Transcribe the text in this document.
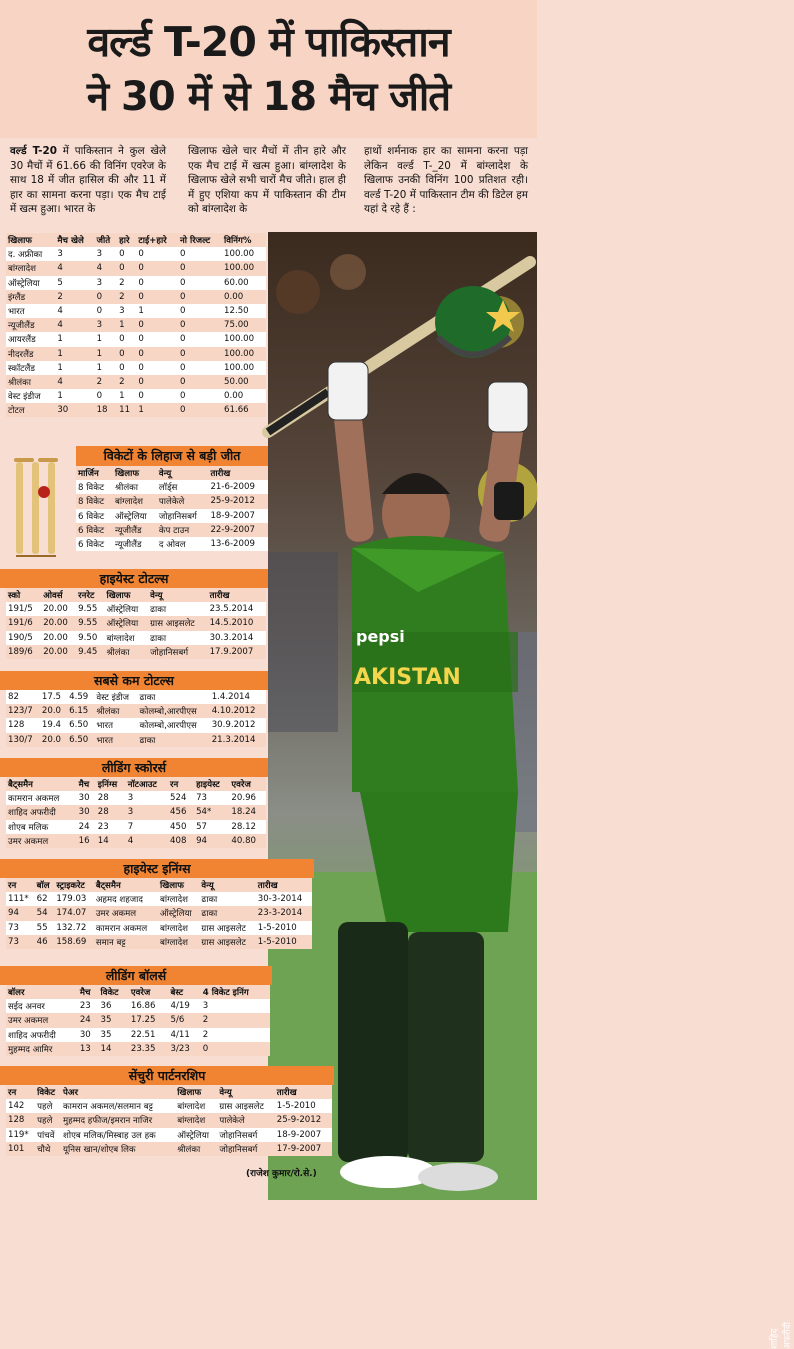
वर्ल्ड T-20 में पाकिस्तान
ने 30 में से 18 मैच जीते
वर्ल्ड T-20 में पाकिस्तान ने कुल खेले 30 मैचों में 61.66 की विनिंग एवरेज के साथ 18 में जीत हासिल की और 11 में हार का सामना करना पड़ा। एक मैच टाई में खत्म हुआ। भारत के
खिलाफ खेले चार मैचों में तीन हारे और एक मैच टाई में खत्म हुआ। बांग्लादेश के खिलाफ खेले सभी चारों मैच जीते। हाल ही में हुए एशिया कप में पाकिस्तान की टीम को बांग्लादेश के
हाथों शर्मनाक हार का सामना करना पड़ा लेकिन वर्ल्ड T-_20 में बांग्लादेश के खिलाफ उनकी विनिंग 100 प्रतिशत रही। वर्ल्ड T-20 में पाकिस्तान टीम की डिटेल हम यहां दे रहे हैं :
pepsi
AKISTAN
शाहिद अफरीदी
खिलाफ	मैच खेले	जीते	हारे	टाई+हारे	नो रिजल्ट	विनिंग%
द. अफ्रीका	3	3	0	0	0	100.00
बांग्लादेश	4	4	0	0	0	100.00
ऑस्ट्रेलिया	5	3	2	0	0	60.00
इंग्लैंड	2	0	2	0	0	0.00
भारत	4	0	3	1	0	12.50
न्यूजीलैंड	4	3	1	0	0	75.00
आयरलैंड	1	1	0	0	0	100.00
नीदरलैंड	1	1	0	0	0	100.00
स्कॉटलैंड	1	1	0	0	0	100.00
श्रीलंका	4	2	2	0	0	50.00
वेस्ट इंडीज	1	0	1	0	0	0.00
टोटल	30	18	11	1	0	61.66
विकेटों के लिहाज से बड़ी जीत
मार्जिन	खिलाफ	वेन्यू	तारीख
8 विकेट	श्रीलंका	लॉर्ड्स	21-6-2009
8 विकेट	बांग्लादेश	पालेकेले	25-9-2012
6 विकेट	ऑस्ट्रेलिया	जोहानिसबर्ग	18-9-2007
6 विकेट	न्यूजीलैंड	केप टाउन	22-9-2007
6 विकेट	न्यूजीलैंड	द ओवल	13-6-2009
हाइयेस्ट टोटल्स
स्को	ओवर्स	रनरेट	खिलाफ	वेन्यू	तारीख
191/5	20.00	9.55	ऑस्ट्रेलिया	ढाका	23.5.2014
191/6	20.00	9.55	ऑस्ट्रेलिया	ग्रास आइसलेट	14.5.2010
190/5	20.00	9.50	बांग्लादेश	ढाका	30.3.2014
189/6	20.00	9.45	श्रीलंका	जोहानिसबर्ग	17.9.2007
सबसे कम टोटल्स
82	17.5	4.59	वेस्ट इंडीज	ढाका	1.4.2014
123/7	20.0	6.15	श्रीलंका	कोलम्बो,आरपीएस	4.10.2012
128	19.4	6.50	भारत	कोलम्बो,आरपीएस	30.9.2012
130/7	20.0	6.50	भारत	ढाका	21.3.2014
लीडिंग स्कोरर्स
बैट्समैन	मैच	इनिंग्स	नॉटआउट	रन	हाइयेस्ट	एवरेज
कामरान अकमल	30	28	3	524	73	20.96
शाहिद अफरीदी	30	28	3	456	54*	18.24
शोएब मलिक	24	23	7	450	57	28.12
उमर अकमल	16	14	4	408	94	40.80
हाइयेस्ट इनिंग्स
रन	बॉल	स्ट्राइकरेट	बैट्समैन	खिलाफ	वेन्यू	तारीख
111*	62	179.03	अहमद शहजाद	बांग्लादेश	ढाका	30-3-2014
94	54	174.07	उमर अकमल	ऑस्ट्रेलिया	ढाका	23-3-2014
73	55	132.72	कामरान अकमल	बांग्लादेश	ग्रास आइसलेट	1-5-2010
73	46	158.69	समान बट्ट	बांग्लादेश	ग्रास आइसलेट	1-5-2010
लीडिंग बॉलर्स
बॉलर	मैच	विकेट	एवरेज	बेस्ट	4 विकेट इनिंग
सईद अनवर	23	36	16.86	4/19	3
उमर अकमल	24	35	17.25	5/6	2
शाहिद अफरीदी	30	35	22.51	4/11	2
मुहम्मद आमिर	13	14	23.35	3/23	0
सेंचुरी पार्टनरशिप
रन	विकेट	पेअर	खिलाफ	वेन्यू	तारीख
142	पहले	कामरान अकमल/सलमान बट्ट	बांग्लादेश	ग्रास आइसलेट	1-5-2010
128	पहले	मुहम्मद हफीज/इमरान नाजिर	बांग्लादेश	पालेकेले	25-9-2012
119*	पांचवें	शोएब मलिक/मिस्बाह उल हक	ऑस्ट्रेलिया	जोहानिसबर्ग	18-9-2007
101	चौथे	यूनिस खान/शोएब लिक	श्रीलंका	जोहानिसबर्ग	17-9-2007
(राजेश कुमार/रो.से.)
